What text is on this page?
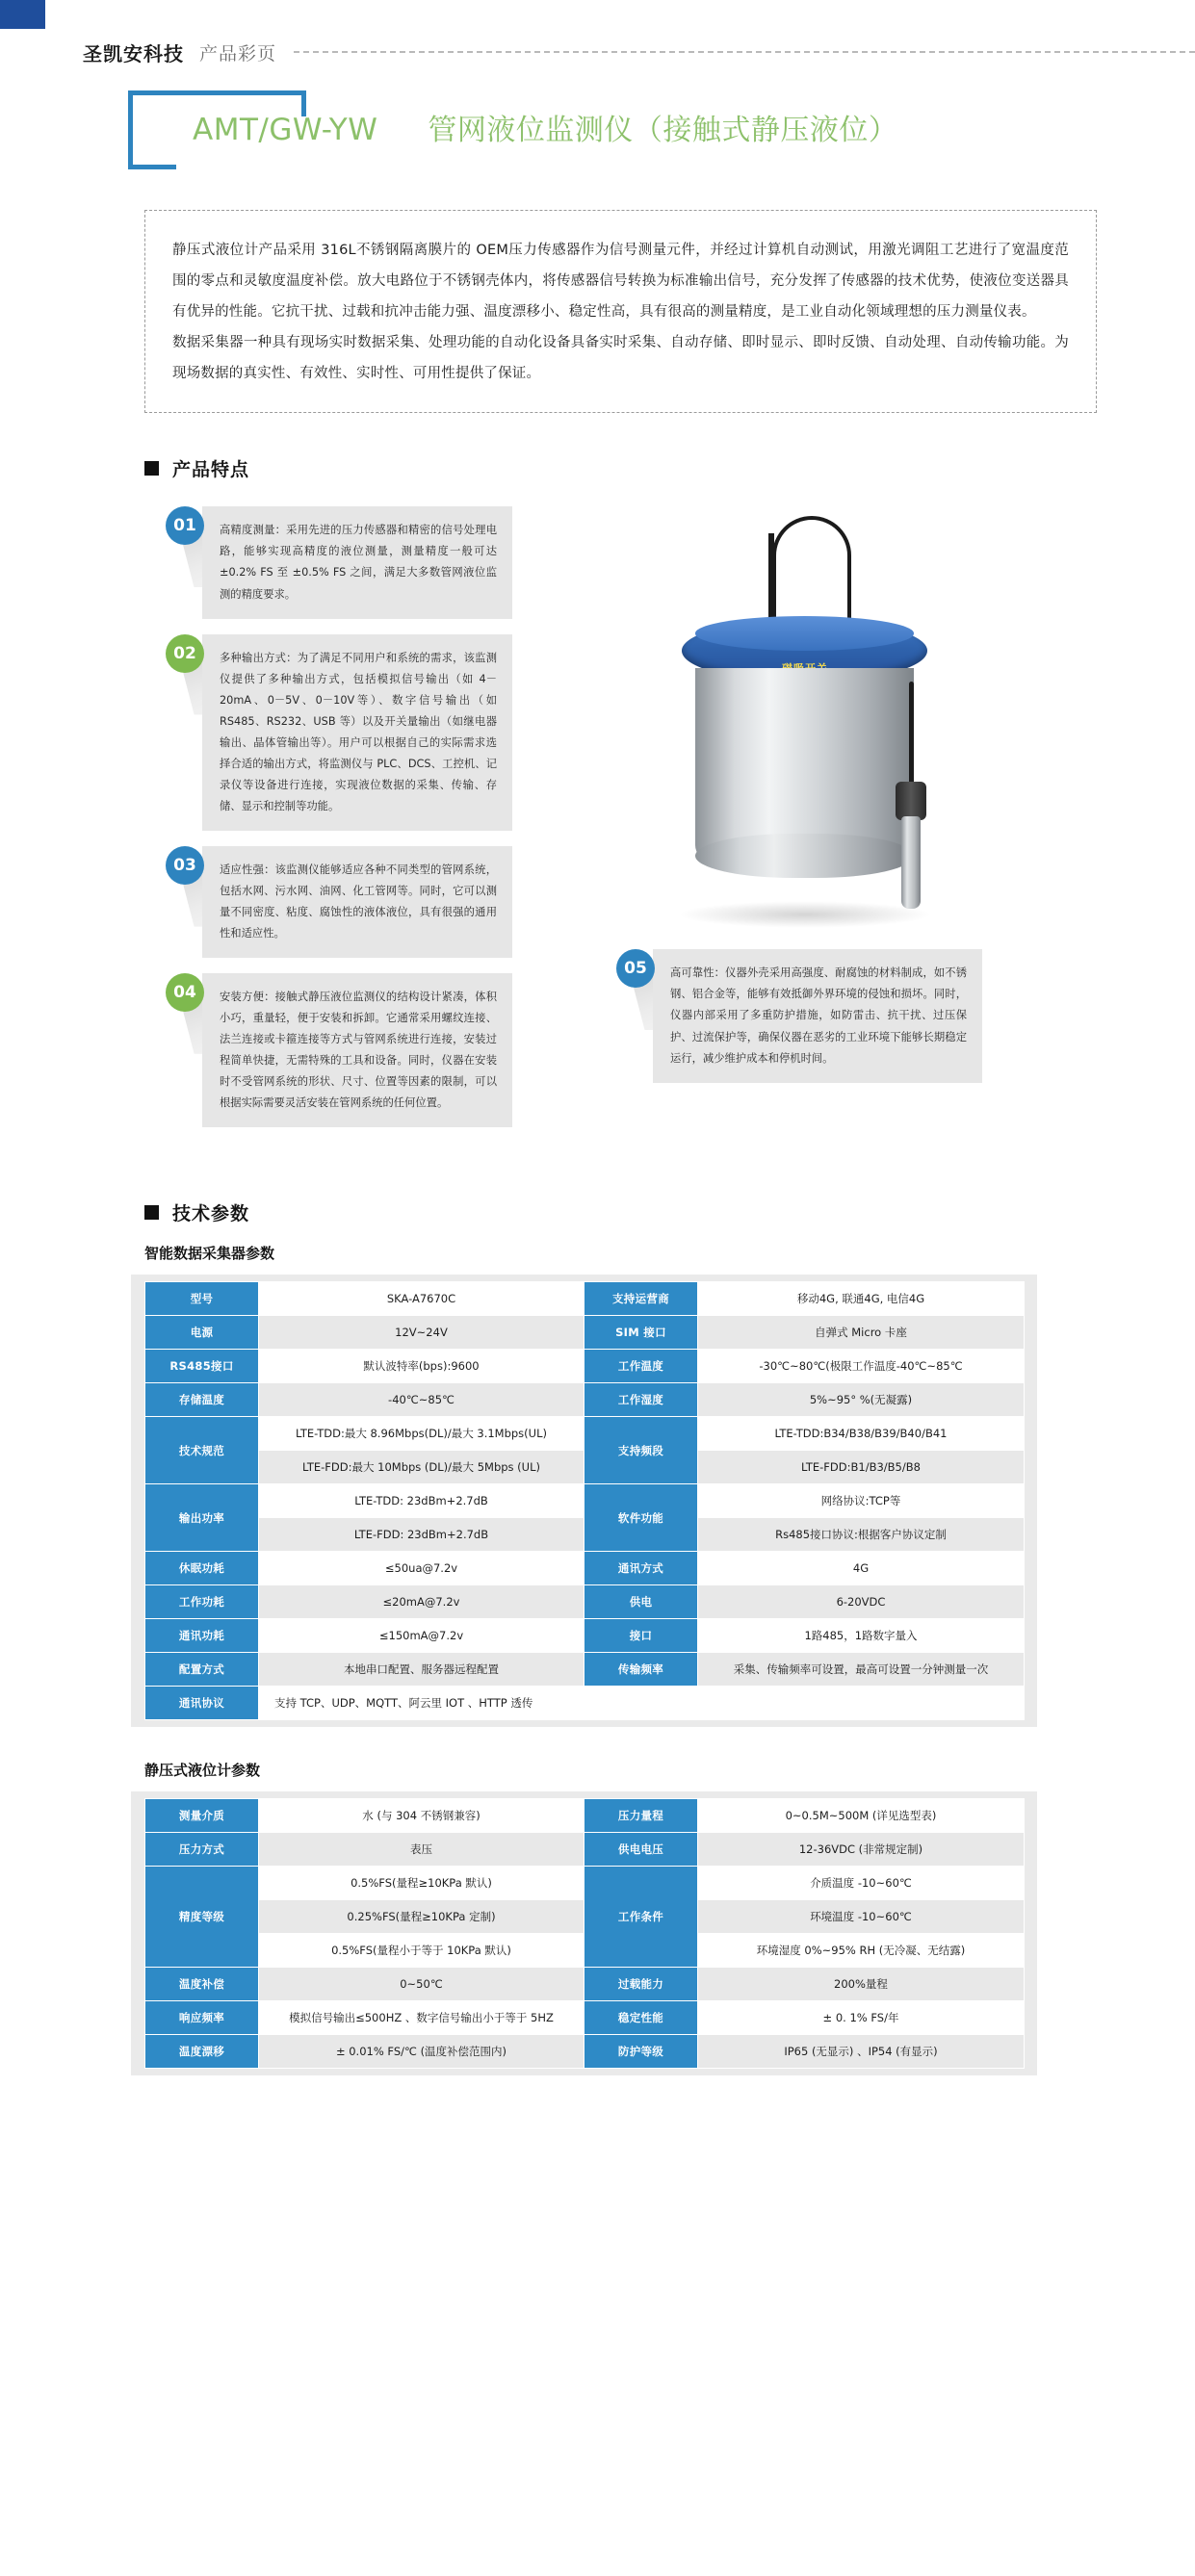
圣凯安科技 产品彩页
AMT/GW-YW 管网液位监测仪（接触式静压液位）
静压式液位计产品采用 316L不锈钢隔离膜片的 OEM压力传感器作为信号测量元件，并经过计算机自动测试，用激光调阻工艺进行了宽温度范围的零点和灵敏度温度补偿。放大电路位于不锈钢壳体内，将传感器信号转换为标准输出信号，充分发挥了传感器的技术优势，使液位变送器具有优异的性能。它抗干扰、过载和抗冲击能力强、温度漂移小、稳定性高，具有很高的测量精度，是工业自动化领域理想的压力测量仪表。
数据采集器一种具有现场实时数据采集、处理功能的自动化设备具备实时采集、自动存储、即时显示、即时反馈、自动处理、自动传输功能。为现场数据的真实性、有效性、实时性、可用性提供了保证。
产品特点
01	高精度测量：采用先进的压力传感器和精密的信号处理电路，能够实现高精度的液位测量，测量精度一般可达 ±0.2% FS 至 ±0.5% FS 之间，满足大多数管网液位监测的精度要求。
02	多种输出方式：为了满足不同用户和系统的需求，该监测仪提供了多种输出方式，包括模拟信号输出（如 4－20mA、0－5V、0－10V等）、数字信号输出（如 RS485、RS232、USB 等）以及开关量输出（如继电器输出、晶体管输出等）。用户可以根据自己的实际需求选择合适的输出方式，将监测仪与 PLC、DCS、工控机、记录仪等设备进行连接，实现液位数据的采集、传输、存储、显示和控制等功能。
03	适应性强：该监测仪能够适应各种不同类型的管网系统，包括水网、污水网、油网、化工管网等。同时，它可以测量不同密度、粘度、腐蚀性的液体液位，具有很强的通用性和适应性。
04	安装方便：接触式静压液位监测仪的结构设计紧凑，体积小巧，重量轻，便于安装和拆卸。它通常采用螺纹连接、法兰连接或卡箍连接等方式与管网系统进行连接，安装过程简单快捷，无需特殊的工具和设备。同时，仪器在安装时不受管网系统的形状、尺寸、位置等因素的限制，可以根据实际需要灵活安装在管网系统的任何位置。
05	高可靠性：仪器外壳采用高强度、耐腐蚀的材料制成，如不锈钢、铝合金等，能够有效抵御外界环境的侵蚀和损坏。同时，仪器内部采用了多重防护措施，如防雷击、抗干扰、过压保护、过流保护等，确保仪器在恶劣的工业环境下能够长期稳定运行，减少维护成本和停机时间。
技术参数
智能数据采集器参数
型号	SKA-A7670C	支持运营商	移动4G, 联通4G, 电信4G
电源	12V~24V	SIM 接口	自弹式 Micro 卡座
RS485接口	默认波特率(bps):9600	工作温度	-30℃~80℃(极限工作温度-40℃~85℃
存储温度	-40℃~85℃	工作湿度	5%~95° %(无凝露)
技术规范	LTE-TDD:最大 8.96Mbps(DL)/最大 3.1Mbps(UL)	支持频段	LTE-TDD:B34/B38/B39/B40/B41
	LTE-FDD:最大 10Mbps (DL)/最大 5Mbps (UL)		LTE-FDD:B1/B3/B5/B8
输出功率	LTE-TDD: 23dBm+2.7dB	软件功能	网络协议:TCP等
	LTE-FDD: 23dBm+2.7dB		Rs485接口协议:根据客户协议定制
休眠功耗	≤50ua@7.2v	通讯方式	4G
工作功耗	≤20mA@7.2v	供电	6-20VDC
通讯功耗	≤150mA@7.2v	接口	1路485，1路数字量入
配置方式	本地串口配置、服务器远程配置	传输频率	采集、传输频率可设置，最高可设置一分钟测量一次
通讯协议	支持 TCP、UDP、MQTT、阿云里 IOT 、HTTP 透传		
静压式液位计参数
测量介质	水 (与 304 不锈钢兼容)	压力量程	0~0.5M~500M (详见选型表)
压力方式	表压	供电电压	12-36VDC (非常规定制)
精度等级	0.5%FS(量程≥10KPa 默认)	工作条件	介质温度 -10~60℃
	0.25%FS(量程≥10KPa 定制)		环境温度 -10~60℃
	0.5%FS(量程小于等于 10KPa 默认)		环境湿度 0%~95% RH (无冷凝、无结露)
温度补偿	0~50℃	过载能力	200%量程
响应频率	模拟信号输出≤500HZ 、数字信号输出小于等于 5HZ	稳定性能	± 0. 1% FS/年
温度漂移	± 0.01% FS/℃ (温度补偿范围内)	防护等级	IP65 (无显示) 、IP54 (有显示)
